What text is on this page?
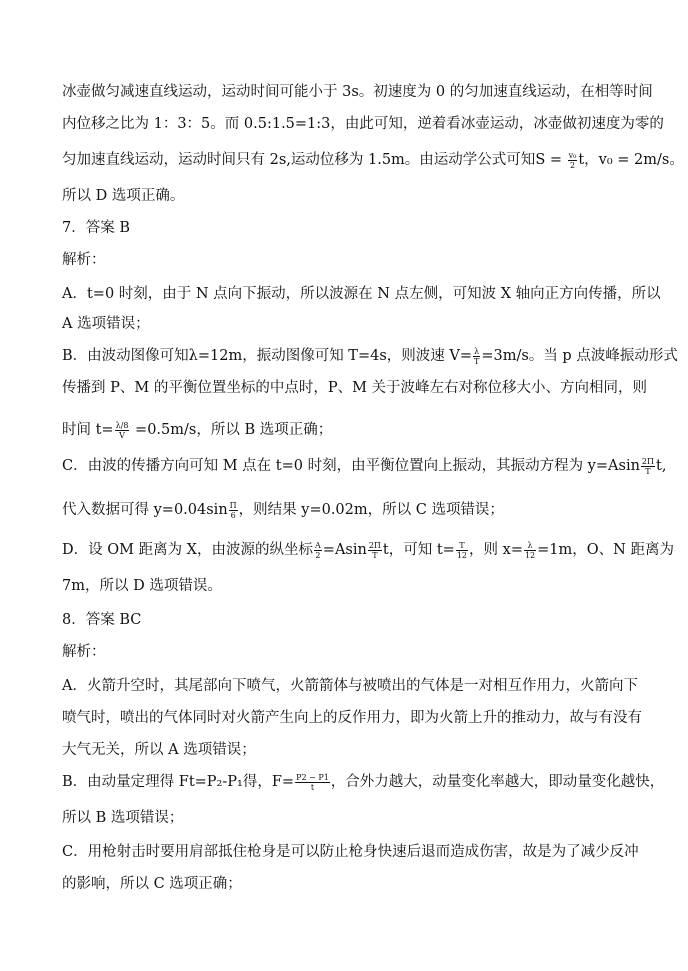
冰壶做匀减速直线运动，运动时间可能小于 3s。初速度为 0 的匀加速直线运动，在相等时间
内位移之比为 1：3：5。而 0.5:1.5=1:3，由此可知，逆着看冰壶运动，冰壶做初速度为零的
匀加速直线运动，运动时间只有 2s,运动位移为 1.5m。由运动学公式可知$S = \frac{\text{v₀}}{2}$ t，v₀ = 2m/s。
所以 D 选项正确。
7．答案 B
解析：
A．t=0 时刻，由于 N 点向下振动，所以波源在 N 点左侧，可知波 X 轴向正方向传播，所以
A 选项错误；
B．由波动图像可知λ=12m，振动图像可知 T=4s，则波速 $V= \frac{\lambda}{T} =3m/s$。当 p 点波峰振动形式
传播到 P、M 的平衡位置坐标的中点时，P、M 关于波峰左右对称位移大小、方向相同，则
时间 $t= \frac{\lambda/8}{V} =0.5m/s$，所以 B 选项正确；
C．由波的传播方向可知 M 点在 t=0 时刻，由平衡位置向上振动，其振动方程为 $y=Asin \frac{2\Pi}{T} t$,
代入数据可得 $y=0.04\sin \frac{\Pi}{6}$ ，则结果 y=0.02m，所以 C 选项错误；
D．设 OM 距离为 X，由波源的纵坐标 $\frac{A}{2} =Asin \frac{2\Pi}{T}$ t，可知 $t= \frac{T}{12}$ ，则 $x= \frac{\lambda}{12} =1m$，O、N 距离为
7m，所以 D 选项错误。
8．答案 BC
解析：
A．火箭升空时，其尾部向下喷气，火箭箭体与被喷出的气体是一对相互作用力，火箭向下
喷气时，喷出的气体同时对火箭产生向上的反作用力，即为火箭上升的推动力，故与有没有
大气无关，所以 A 选项错误；
B．由动量定理得 Ft=P₂-P₁得，$F= \frac{P2 - P1}{t}$ ，合外力越大，动量变化率越大，即动量变化越快，
所以 B 选项错误；
C．用枪射击时要用肩部抵住枪身是可以防止枪身快速后退而造成伤害，故是为了减少反冲
的影响，所以 C 选项正确；
